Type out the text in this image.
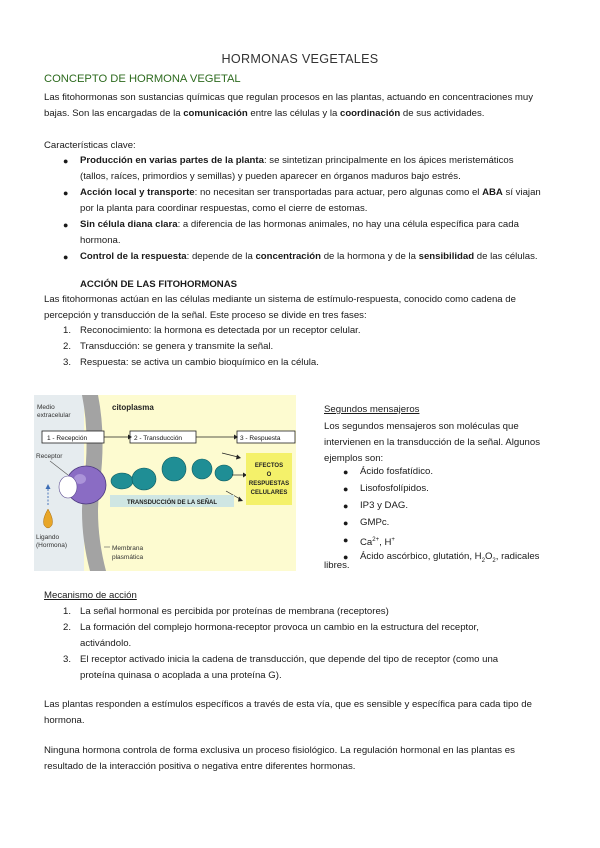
HORMONAS VEGETALES
CONCEPTO DE HORMONA VEGETAL
Las fitohormonas son sustancias químicas que regulan procesos en las plantas, actuando en concentraciones muy
bajas. Son las encargadas de la comunicación entre las células y la coordinación de sus actividades.
Características clave:
● Producción en varias partes de la planta: se sintetizan principalmente en los ápices meristemáticos
(tallos, raíces, primordios y semillas) y pueden aparecer en órganos maduros bajo estrés.
● Acción local y transporte: no necesitan ser transportadas para actuar, pero algunas como el ABA sí viajan
por la planta para coordinar respuestas, como el cierre de estomas.
● Sin célula diana clara: a diferencia de las hormonas animales, no hay una célula específica para cada
hormona.
● Control de la respuesta: depende de la concentración de la hormona y de la sensibilidad de las células.
ACCIÓN DE LAS FITOHORMONAS
Las fitohormonas actúan en las células mediante un sistema de estímulo-respuesta, conocido como cadena de
percepción y transducción de la señal. Este proceso se divide en tres fases:
1. Reconocimiento: la hormona es detectada por un receptor celular.
2. Transducción: se genera y transmite la señal.
3. Respuesta: se activa un cambio bioquímico en la célula.
Medio
extracelular
citoplasma
1 - Recepción	2 - Transducción	3 - Respuesta
Receptor
EFECTOS
O
RESPUESTAS
CELULARES
TRANSDUCCIÓN DE LA SEÑAL
Ligando
(Hormona)	Membrana
plasmática
Segundos mensajeros
Los segundos mensajeros son moléculas que
intervienen en la transducción de la señal. Algunos
ejemplos son:
● Ácido fosfatídico.
● Lisofosfolípidos.
● IP3 y DAG.
● GMPc.
● $Ca^{2+}$, H+
● Ácido ascórbico, glutatión, $H_2O_2$, radicales
libres.
Mecanismo de acción
1. La señal hormonal es percibida por proteínas de membrana (receptores)
2. La formación del complejo hormona-receptor provoca un cambio en la estructura del receptor,
activándolo.
3. El receptor activado inicia la cadena de transducción, que depende del tipo de receptor (como una
proteína quinasa o acoplada a una proteína G).
Las plantas responden a estímulos específicos a través de esta vía, que es sensible y específica para cada tipo de
hormona.
Ninguna hormona controla de forma exclusiva un proceso fisiológico. La regulación hormonal en las plantas es
resultado de la interacción positiva o negativa entre diferentes hormonas.
